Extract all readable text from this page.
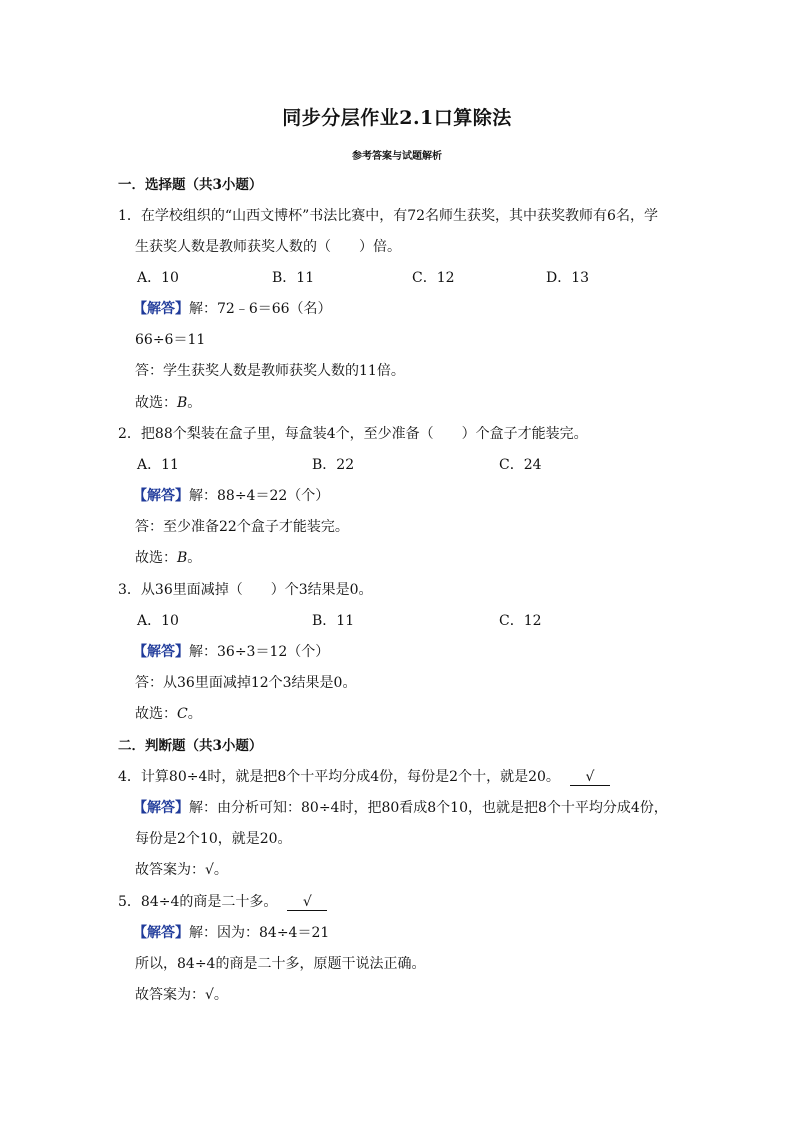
同步分层作业2.1口算除法
参考答案与试题解析
一．选择题（共3小题）
1．在学校组织的“山西文博杯”书法比赛中，有72名师生获奖，其中获奖教师有6名，学
生获奖人数是教师获奖人数的（　　）倍。
A．10	B．11	C．12	D．13
【解答】解：72﹣6＝66（名）
66÷6＝11
答：学生获奖人数是教师获奖人数的11倍。
故选：B。
2．把88个梨装在盒子里，每盒装4个，至少准备（　　）个盒子才能装完。
A．11	B．22	C．24
【解答】解：88÷4＝22（个）
答：至少准备22个盒子才能装完。
故选：B。
3．从36里面减掉（　　）个3结果是0。
A．10	B．11	C．12
【解答】解：36÷3＝12（个）
答：从36里面减掉12个3结果是0。
故选：C。
二．判断题（共3小题）
4．计算80÷4时，就是把8个十平均分成4份，每份是2个十，就是20。 √
【解答】解：由分析可知：80÷4时，把80看成8个10，也就是把8个十平均分成4份，
每份是2个10，就是20。
故答案为：√。
5．84÷4的商是二十多。 √
【解答】解：因为：84÷4＝21
所以，84÷4的商是二十多，原题干说法正确。
故答案为：√。
